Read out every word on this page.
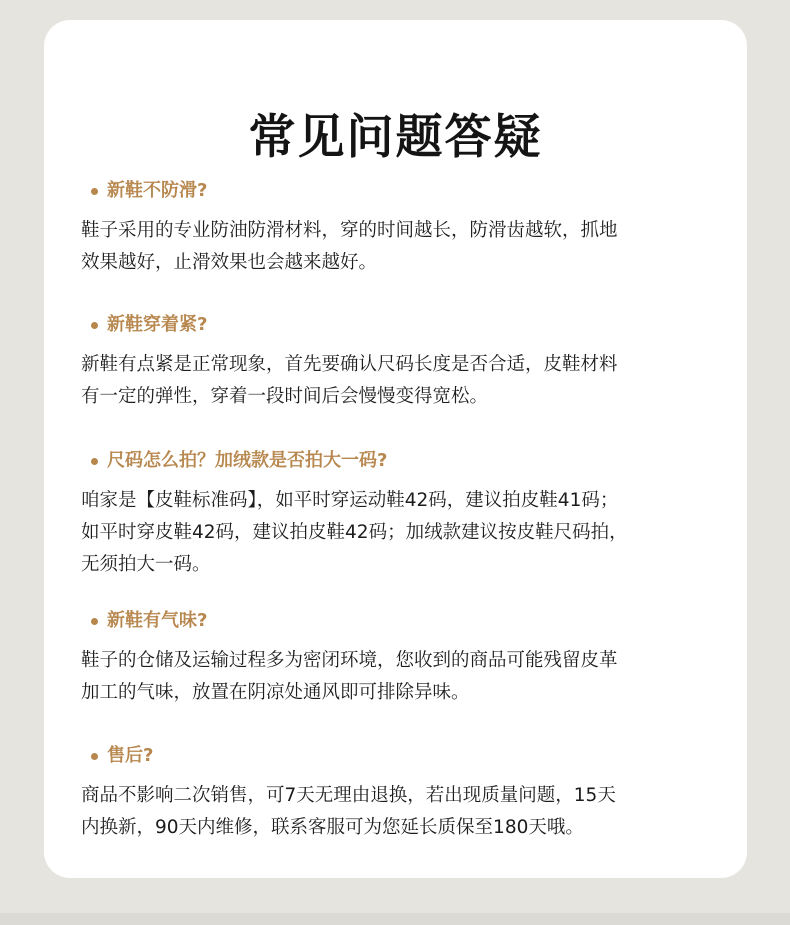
常见问题答疑
新鞋不防滑?
鞋子采用的专业防油防滑材料，穿的时间越长，防滑齿越软，抓地
效果越好，止滑效果也会越来越好。
新鞋穿着紧?
新鞋有点紧是正常现象，首先要确认尺码长度是否合适，皮鞋材料
有一定的弹性，穿着一段时间后会慢慢变得宽松。
尺码怎么拍？加绒款是否拍大一码?
咱家是【皮鞋标准码】，如平时穿运动鞋42码，建议拍皮鞋41码；
如平时穿皮鞋42码，建议拍皮鞋42码；加绒款建议按皮鞋尺码拍，
无须拍大一码。
新鞋有气味?
鞋子的仓储及运输过程多为密闭环境，您收到的商品可能残留皮革
加工的气味，放置在阴凉处通风即可排除异味。
售后?
商品不影响二次销售，可7天无理由退换，若出现质量问题，15天
内换新，90天内维修，联系客服可为您延长质保至180天哦。
